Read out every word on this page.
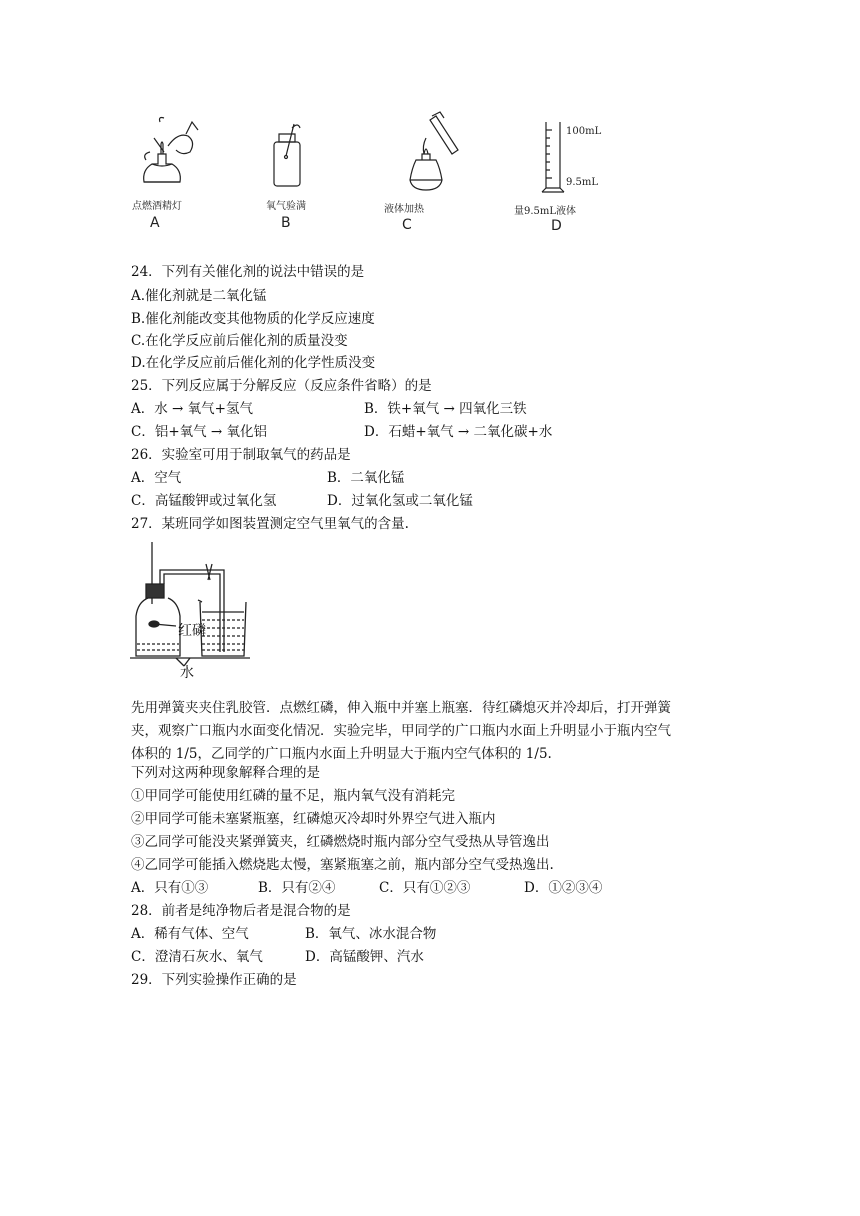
点燃酒精灯
A
氧气验满
B
液体加热
C
100mL
9.5mL
量9.5mL液体
D
24．下列有关催化剂的说法中错误的是
A.催化剂就是二氧化锰
B.催化剂能改变其他物质的化学反应速度
C.在化学反应前后催化剂的质量没变
D.在化学反应前后催化剂的化学性质没变
25．下列反应属于分解反应（反应条件省略）的是
A．水 → 氧气+氢气	B．铁+氧气 → 四氧化三铁
C．铝+氧气 → 氧化铝	D．石蜡+氧气 → 二氧化碳+水
26．实验室可用于制取氧气的药品是
A．空气	B．二氧化锰
C．高锰酸钾或过氧化氢	D．过氧化氢或二氧化锰
27．某班同学如图装置测定空气里氧气的含量.
红磷
水
先用弹簧夹夹住乳胶管．点燃红磷，伸入瓶中并塞上瓶塞．待红磷熄灭并冷却后，打开弹簧
夹，观察广口瓶内水面变化情况．实验完毕，甲同学的广口瓶内水面上升明显小于瓶内空气
体积的 1/5，乙同学的广口瓶内水面上升明显大于瓶内空气体积的 1/5.
下列对这两种现象解释合理的是
①甲同学可能使用红磷的量不足，瓶内氧气没有消耗完
②甲同学可能未塞紧瓶塞，红磷熄灭冷却时外界空气进入瓶内
③乙同学可能没夹紧弹簧夹，红磷燃烧时瓶内部分空气受热从导管逸出
④乙同学可能插入燃烧匙太慢，塞紧瓶塞之前，瓶内部分空气受热逸出.
A．只有①③	B．只有②④	C．只有①②③	D．①②③④
28．前者是纯净物后者是混合物的是
A．稀有气体、空气	B．氧气、冰水混合物
C．澄清石灰水、氧气	D．高锰酸钾、汽水
29．下列实验操作正确的是
